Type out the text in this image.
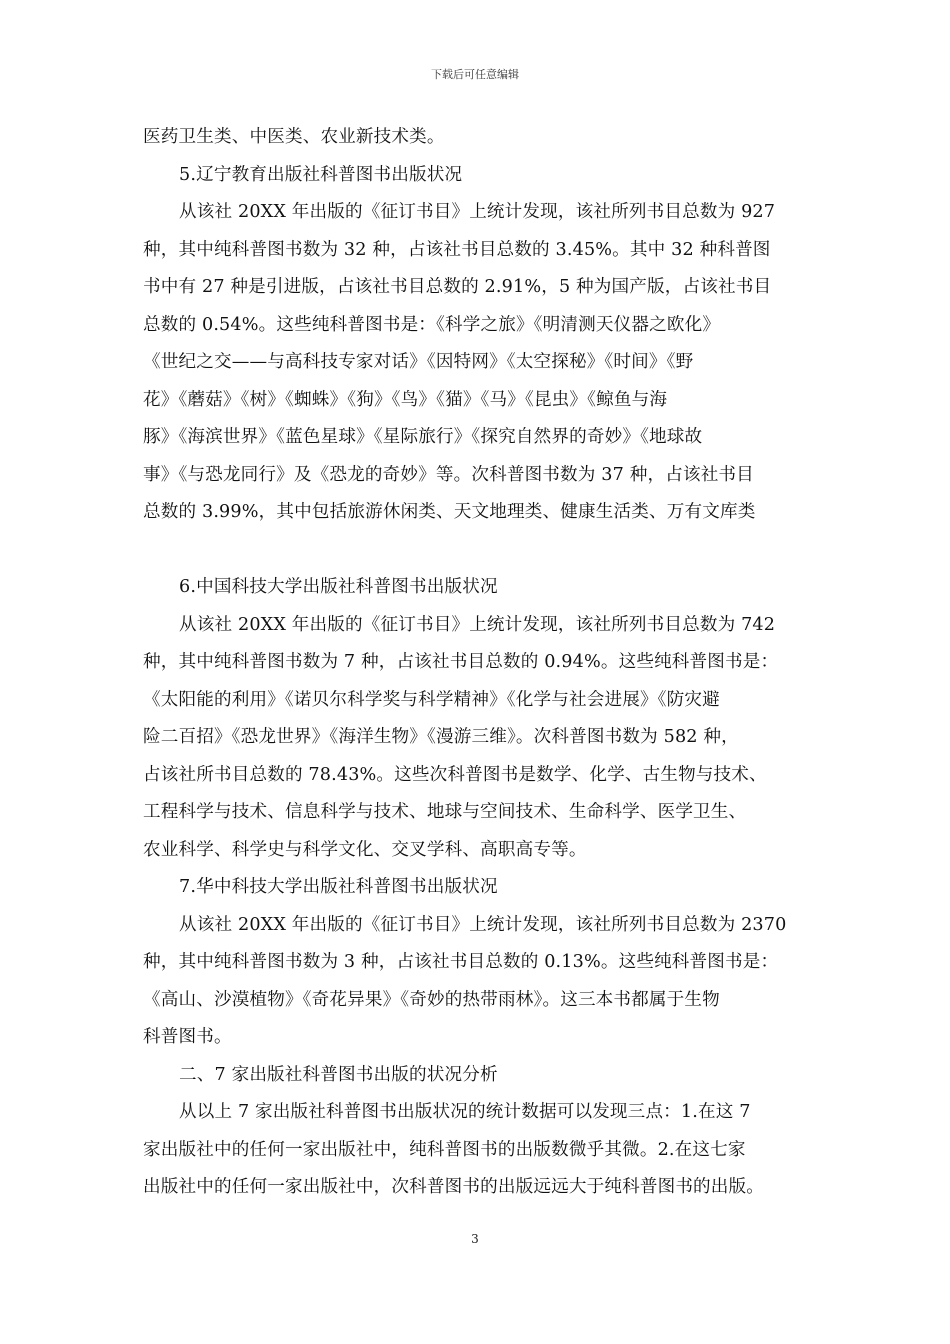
下载后可任意编辑
医药卫生类、中医类、农业新技术类。
5.辽宁教育出版社科普图书出版状况
从该社 20XX 年出版的《征订书目》上统计发现，该社所列书目总数为 927
种，其中纯科普图书数为 32 种，占该社书目总数的 3.45%。其中 32 种科普图
书中有 27 种是引进版，占该社书目总数的 2.91%，5 种为国产版，占该社书目
总数的 0.54%。这些纯科普图书是：《科学之旅》《明清测天仪器之欧化》
《世纪之交——与高科技专家对话》《因特网》《太空探秘》《时间》《野
花》《蘑菇》《树》《蜘蛛》《狗》《鸟》《猫》《马》《昆虫》《鲸鱼与海
豚》《海滨世界》《蓝色星球》《星际旅行》《探究自然界的奇妙》《地球故
事》《与恐龙同行》及《恐龙的奇妙》等。次科普图书数为 37 种，占该社书目
总数的 3.99%，其中包括旅游休闲类、天文地理类、健康生活类、万有文库类
6.中国科技大学出版社科普图书出版状况
从该社 20XX 年出版的《征订书目》上统计发现，该社所列书目总数为 742
种，其中纯科普图书数为 7 种，占该社书目总数的 0.94%。这些纯科普图书是：
《太阳能的利用》《诺贝尔科学奖与科学精神》《化学与社会进展》《防灾避
险二百招》《恐龙世界》《海洋生物》《漫游三维》。次科普图书数为 582 种，
占该社所书目总数的 78.43%。这些次科普图书是数学、化学、古生物与技术、
工程科学与技术、信息科学与技术、地球与空间技术、生命科学、医学卫生、
农业科学、科学史与科学文化、交叉学科、高职高专等。
7.华中科技大学出版社科普图书出版状况
从该社 20XX 年出版的《征订书目》上统计发现，该社所列书目总数为 2370
种，其中纯科普图书数为 3 种，占该社书目总数的 0.13%。这些纯科普图书是：
《高山、沙漠植物》《奇花异果》《奇妙的热带雨林》。这三本书都属于生物
科普图书。
二、7 家出版社科普图书出版的状况分析
从以上 7 家出版社科普图书出版状况的统计数据可以发现三点：1.在这 7
家出版社中的任何一家出版社中，纯科普图书的出版数微乎其微。2.在这七家
出版社中的任何一家出版社中，次科普图书的出版远远大于纯科普图书的出版。
3
